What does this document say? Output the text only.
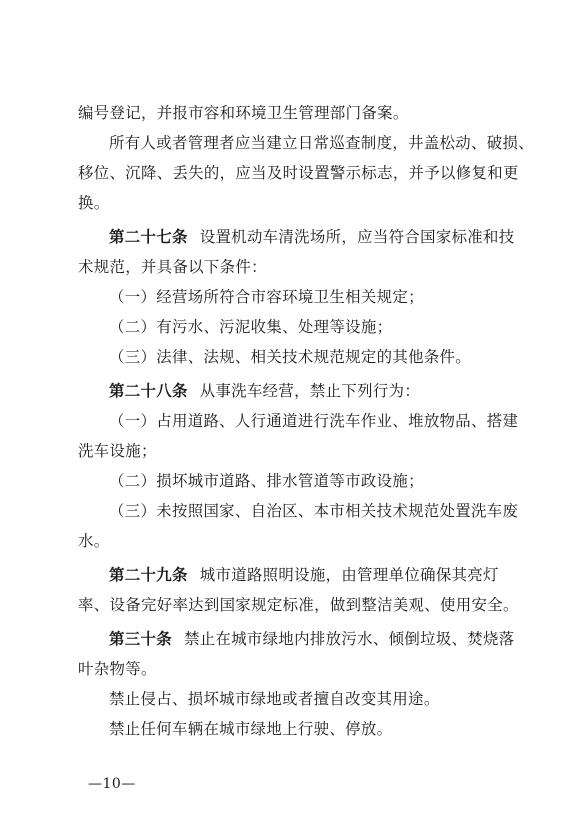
编号登记，并报市容和环境卫生管理部门备案。
所有人或者管理者应当建立日常巡查制度，井盖松动、破损、
移位、沉降、丢失的，应当及时设置警示标志，并予以修复和更
换。
第二十七条 设置机动车清洗场所，应当符合国家标准和技
术规范，并具备以下条件：
（一）经营场所符合市容环境卫生相关规定；
（二）有污水、污泥收集、处理等设施；
（三）法律、法规、相关技术规范规定的其他条件。
第二十八条 从事洗车经营，禁止下列行为：
（一）占用道路、人行通道进行洗车作业、堆放物品、搭建
洗车设施；
（二）损坏城市道路、排水管道等市政设施；
（三）未按照国家、自治区、本市相关技术规范处置洗车废
水。
第二十九条 城市道路照明设施，由管理单位确保其亮灯
率、设备完好率达到国家规定标准，做到整洁美观、使用安全。
第三十条 禁止在城市绿地内排放污水、倾倒垃圾、焚烧落
叶杂物等。
禁止侵占、损坏城市绿地或者擅自改变其用途。
禁止任何车辆在城市绿地上行驶、停放。
—10—
